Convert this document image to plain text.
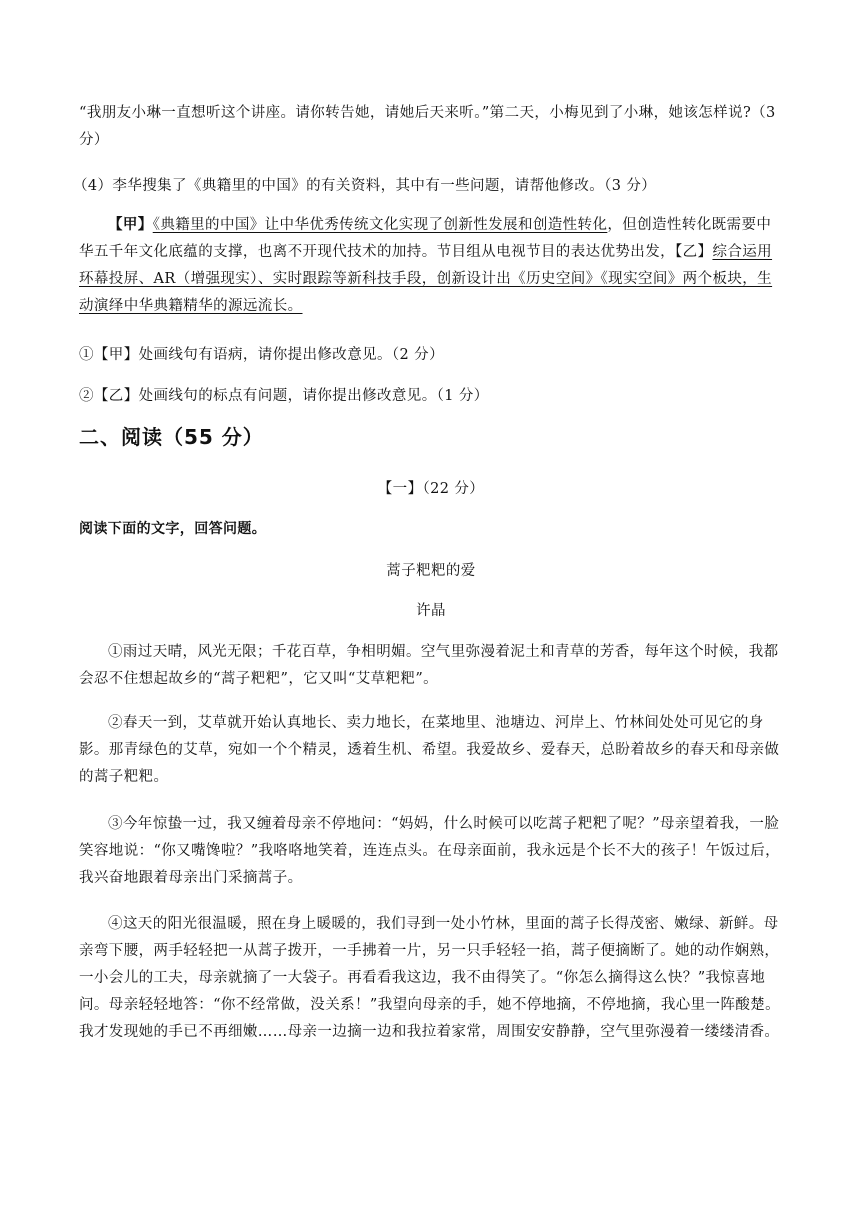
“我朋友小琳一直想听这个讲座。请你转告她，请她后天来听。”第二天，小梅见到了小琳，她该怎样说?（3分）

（4）李华搜集了《典籍里的中国》的有关资料，其中有一些问题，请帮他修改。（3 分）

【甲】《典籍里的中国》让中华优秀传统文化实现了创新性发展和创造性转化，但创造性转化既需要中华五千年文化底蕴的支撑，也离不开现代技术的加持。节目组从电视节目的表达优势出发，【乙】综合运用环幕投屏、AR（增强现实）、实时跟踪等新科技手段，创新设计出《历史空间》《现实空间》两个板块，生动演绎中华典籍精华的源远流长。

①【甲】处画线句有语病，请你提出修改意见。（2 分）

②【乙】处画线句的标点有问题，请你提出修改意见。（1 分）

二、阅读（55 分）

【一】（22 分）

阅读下面的文字，回答问题。

蒿子粑粑的爱

许晶

①雨过天晴，风光无限；千花百草，争相明媚。空气里弥漫着泥土和青草的芳香，每年这个时候，我都会忍不住想起故乡的“蒿子粑粑”，它又叫“艾草粑粑”。

②春天一到，艾草就开始认真地长、卖力地长，在菜地里、池塘边、河岸上、竹林间处处可见它的身影。那青绿色的艾草，宛如一个个精灵，透着生机、希望。我爱故乡、爱春天，总盼着故乡的春天和母亲做的蒿子粑粑。

③今年惊蛰一过，我又缠着母亲不停地问：“妈妈，什么时候可以吃蒿子粑粑了呢？”母亲望着我，一脸笑容地说：“你又嘴馋啦？”我咯咯地笑着，连连点头。在母亲面前，我永远是个长不大的孩子！午饭过后，我兴奋地跟着母亲出门采摘蒿子。

④这天的阳光很温暖，照在身上暖暖的，我们寻到一处小竹林，里面的蒿子长得茂密、嫩绿、新鲜。母亲弯下腰，两手轻轻把一从蒿子拨开，一手拂着一片，另一只手轻轻一掐，蒿子便摘断了。她的动作娴熟，一小会儿的工夫，母亲就摘了一大袋子。再看看我这边，我不由得笑了。“你怎么摘得这么快？”我惊喜地问。母亲轻轻地答：“你不经常做，没关系！”我望向母亲的手，她不停地摘，不停地摘，我心里一阵酸楚。我才发现她的手已不再细嫩……母亲一边摘一边和我拉着家常，周围安安静静，空气里弥漫着一缕缕清香。
